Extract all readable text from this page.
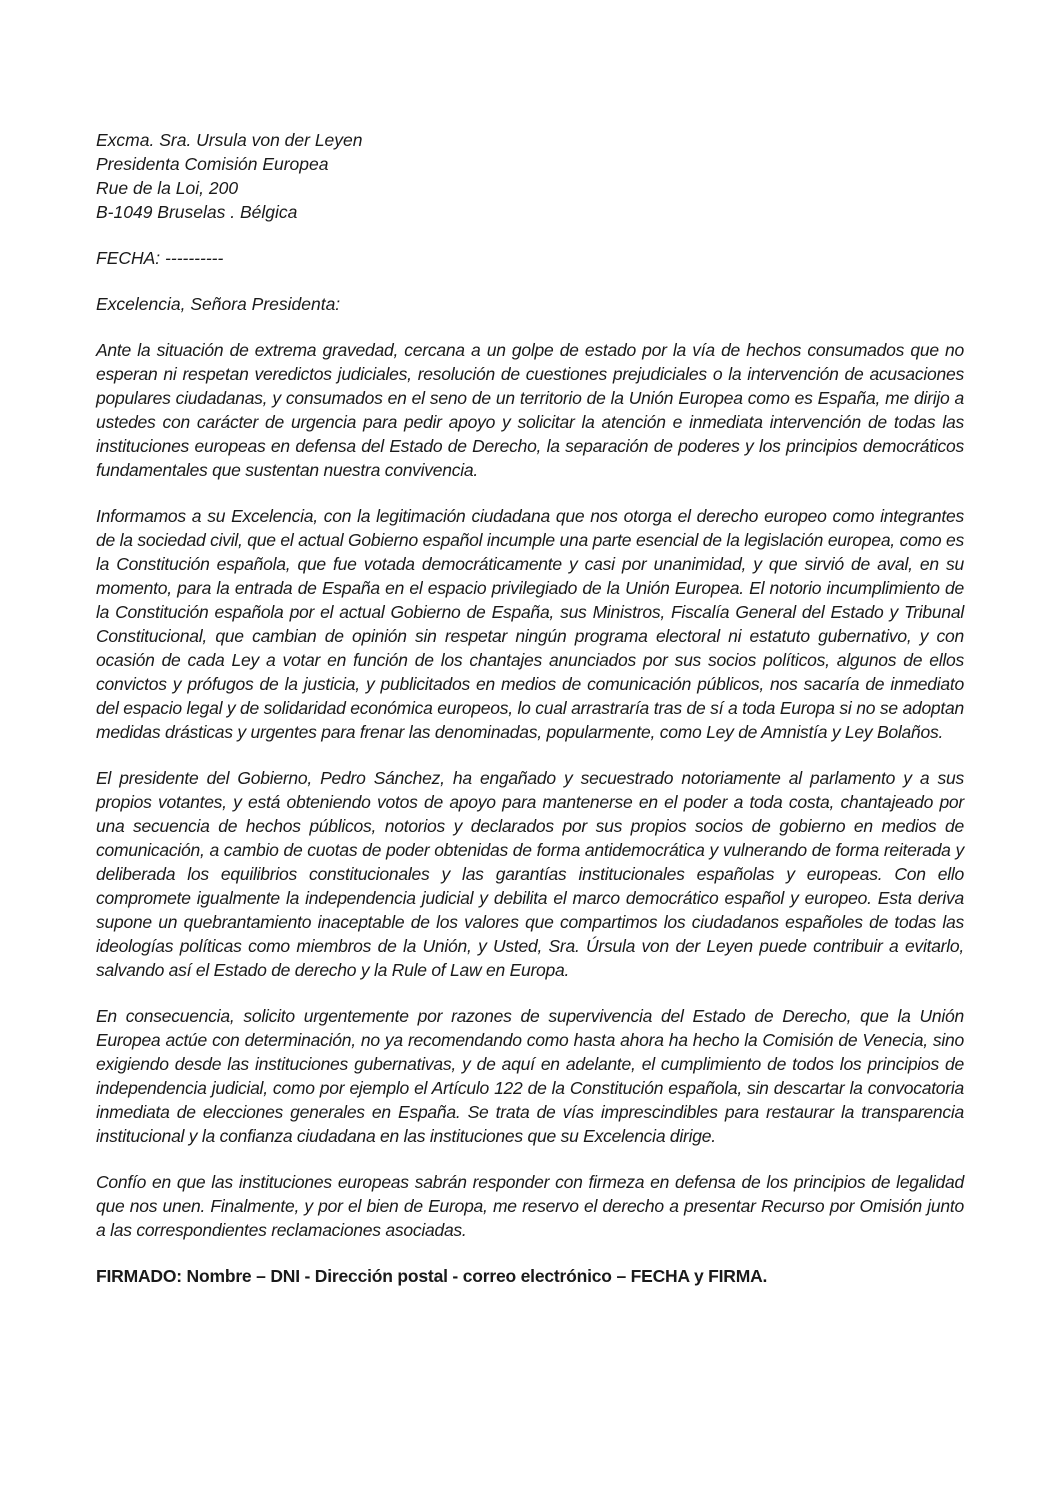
Excma. Sra. Ursula von der Leyen

Presidenta Comisión Europea

Rue de la Loi, 200

B-1049 Bruselas . Bélgica

FECHA: ----------

Excelencia, Señora Presidenta:

Ante la situación de extrema gravedad, cercana a un golpe de estado por la vía de hechos consumados que no esperan ni respetan veredictos judiciales, resolución de cuestiones prejudiciales o la intervención de acusaciones populares ciudadanas, y consumados en el seno de un territorio de la Unión Europea como es España, me dirijo a ustedes con carácter de urgencia para pedir apoyo y solicitar la atención e inmediata intervención de todas las instituciones europeas en defensa del Estado de Derecho, la separación de poderes y los principios democráticos fundamentales que sustentan nuestra convivencia.

Informamos a su Excelencia, con la legitimación ciudadana que nos otorga el derecho europeo como integrantes de la sociedad civil, que el actual Gobierno español incumple una parte esencial de la legislación europea, como es la Constitución española, que fue votada democráticamente y casi por unanimidad, y que sirvió de aval, en su momento, para la entrada de España en el espacio privilegiado de la Unión Europea. El notorio incumplimiento de la Constitución española por el actual Gobierno de España, sus Ministros, Fiscalía General del Estado y Tribunal Constitucional, que cambian de opinión sin respetar ningún programa electoral ni estatuto gubernativo, y con ocasión de cada Ley a votar en función de los chantajes anunciados por sus socios políticos, algunos de ellos convictos y prófugos de la justicia, y publicitados en medios de comunicación públicos, nos sacaría de inmediato del espacio legal y de solidaridad económica europeos, lo cual arrastraría tras de sí a toda Europa si no se adoptan medidas drásticas y urgentes para frenar las denominadas, popularmente, como Ley de Amnistía y Ley Bolaños.

El presidente del Gobierno, Pedro Sánchez, ha engañado y secuestrado notoriamente al parlamento y a sus propios votantes, y está obteniendo votos de apoyo para mantenerse en el poder a toda costa, chantajeado por una secuencia de hechos públicos, notorios y declarados por sus propios socios de gobierno en medios de comunicación, a cambio de cuotas de poder obtenidas de forma antidemocrática y vulnerando de forma reiterada y deliberada los equilibrios constitucionales y las garantías institucionales españolas y europeas. Con ello compromete igualmente la independencia judicial y debilita el marco democrático español y europeo. Esta deriva supone un quebrantamiento inaceptable de los valores que compartimos los ciudadanos españoles de todas las ideologías políticas como miembros de la Unión, y Usted, Sra. Úrsula von der Leyen puede contribuir a evitarlo, salvando así el Estado de derecho y la Rule of Law en Europa.

En consecuencia, solicito urgentemente por razones de supervivencia del Estado de Derecho, que la Unión Europea actúe con determinación, no ya recomendando como hasta ahora ha hecho la Comisión de Venecia, sino exigiendo desde las instituciones gubernativas, y de aquí en adelante, el cumplimiento de todos los principios de independencia judicial, como por ejemplo el Artículo 122 de la Constitución española, sin descartar la convocatoria inmediata de elecciones generales en España. Se trata de vías imprescindibles para restaurar la transparencia institucional y la confianza ciudadana en las instituciones que su Excelencia dirige.

Confío en que las instituciones europeas sabrán responder con firmeza en defensa de los principios de legalidad que nos unen. Finalmente, y por el bien de Europa, me reservo el derecho a presentar Recurso por Omisión junto a las correspondientes reclamaciones asociadas.

FIRMADO: Nombre – DNI - Dirección postal - correo electrónico – FECHA y FIRMA.
